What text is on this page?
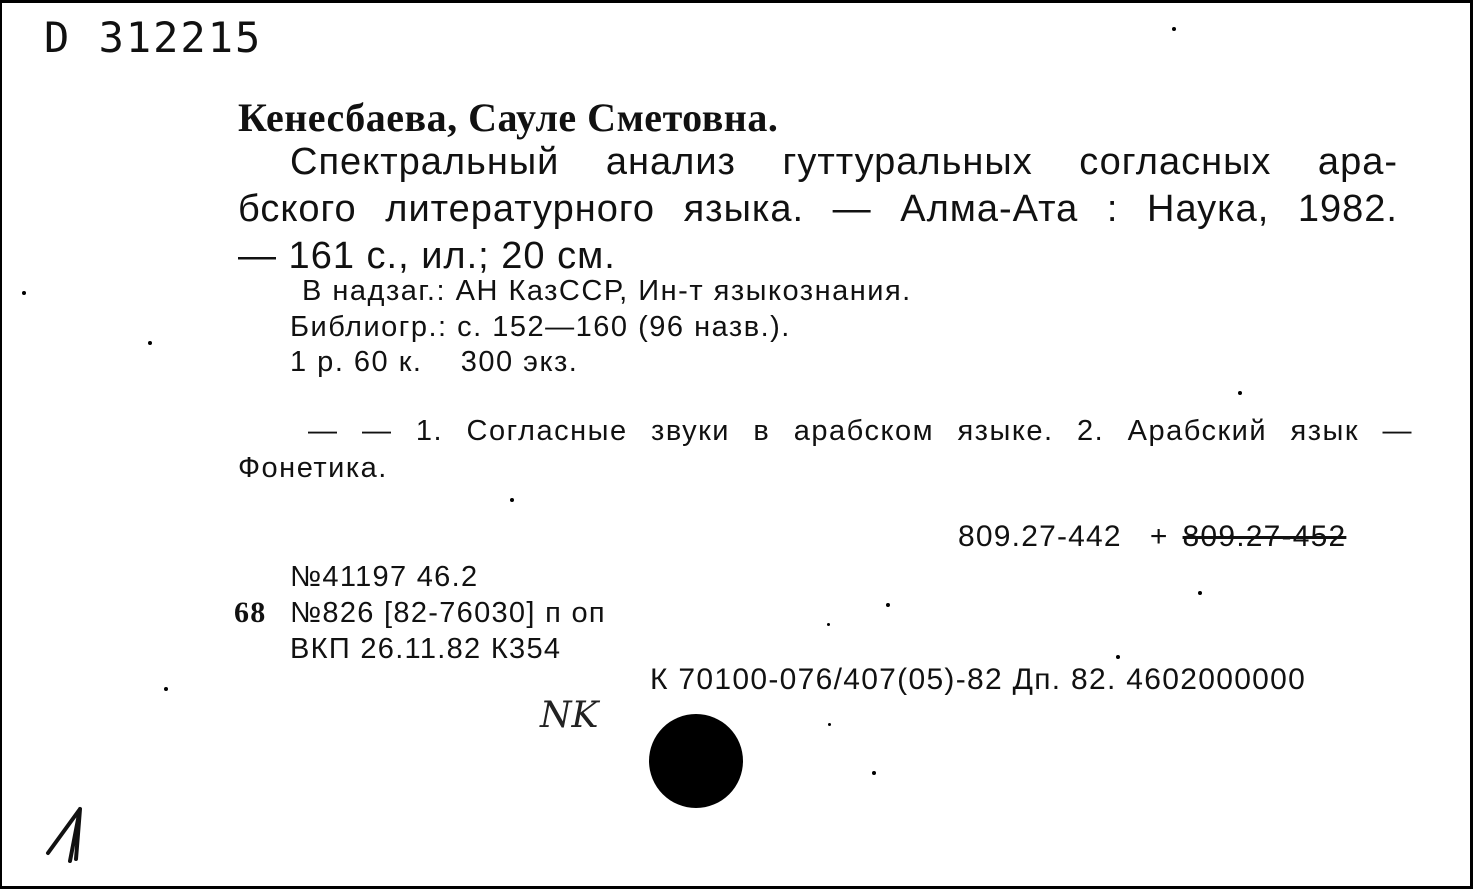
D 312215
Кенесбаева, Сауле Сметовна.
Спектральный анализ гуттуральных согласных ара- бского литературного языка. — Алма-Ата : Наука, 1982. — 161 с., ил.; 20 см.
В надзаг.: АН КазССР, Ин-т языкознания.
Библиогр.: с. 152—160 (96 назв.).
1 р. 60 к.    300 экз.
— — 1. Согласные звуки в арабском языке. 2. Арабский язык — Фонетика.
809.27-442 + 809.27-452
№41197 46.2
68 №826 [82-76030] п оп
ВКП 26.11.82 К354
К 70100-076/407(05)-82 Дп. 82. 4602000000
NK
